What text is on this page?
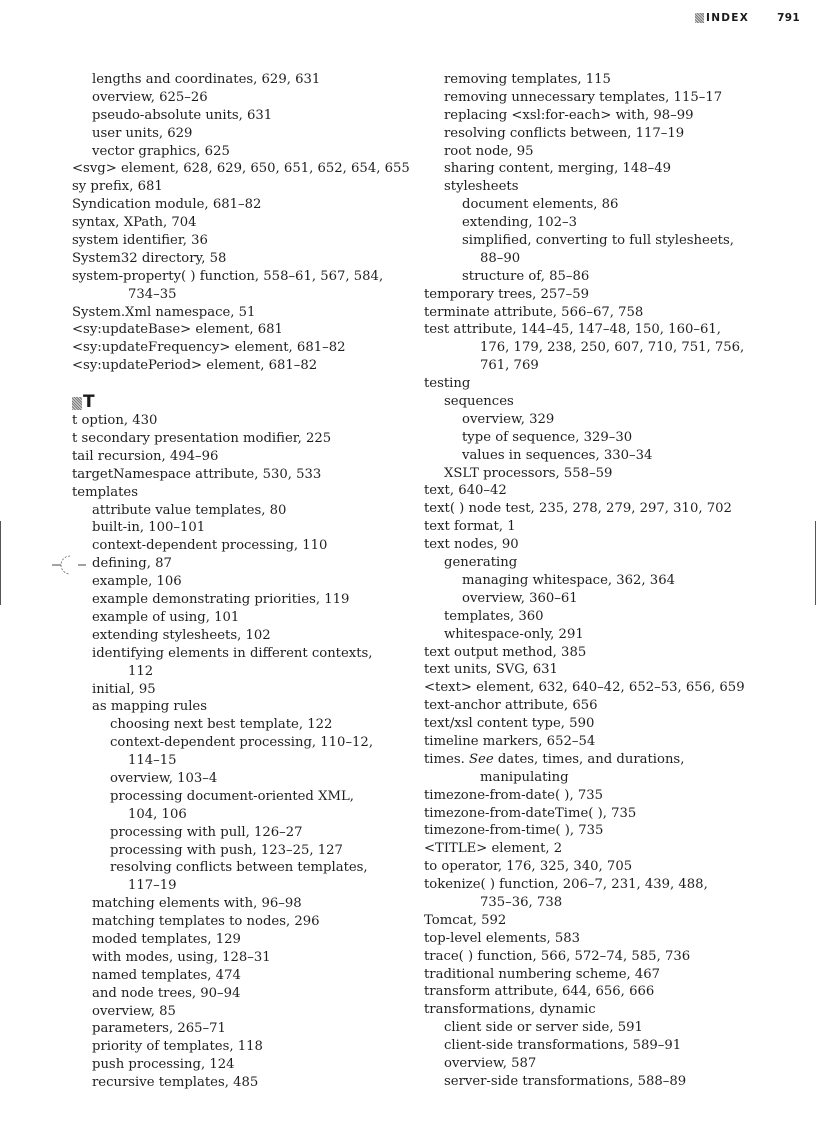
INDEX	791
lengths and coordinates, 629, 631
overview, 625–26
pseudo-absolute units, 631
user units, 629
vector graphics, 625
<svg> element, 628, 629, 650, 651, 652, 654, 655
sy prefix, 681
Syndication module, 681–82
syntax, XPath, 704
system identifier, 36
System32 directory, 58
system-property( ) function, 558–61, 567, 584,
734–35
System.Xml namespace, 51
<sy:updateBase> element, 681
<sy:updateFrequency> element, 681–82
<sy:updatePeriod> element, 681–82
T
t option, 430
t secondary presentation modifier, 225
tail recursion, 494–96
targetNamespace attribute, 530, 533
templates
attribute value templates, 80
built-in, 100–101
context-dependent processing, 110
defining, 87
example, 106
example demonstrating priorities, 119
example of using, 101
extending stylesheets, 102
identifying elements in different contexts,
112
initial, 95
as mapping rules
choosing next best template, 122
context-dependent processing, 110–12,
114–15
overview, 103–4
processing document-oriented XML,
104, 106
processing with pull, 126–27
processing with push, 123–25, 127
resolving conflicts between templates,
117–19
matching elements with, 96–98
matching templates to nodes, 296
moded templates, 129
with modes, using, 128–31
named templates, 474
and node trees, 90–94
overview, 85
parameters, 265–71
priority of templates, 118
push processing, 124
recursive templates, 485
removing templates, 115
removing unnecessary templates, 115–17
replacing <xsl:for-each> with, 98–99
resolving conflicts between, 117–19
root node, 95
sharing content, merging, 148–49
stylesheets
document elements, 86
extending, 102–3
simplified, converting to full stylesheets,
88–90
structure of, 85–86
temporary trees, 257–59
terminate attribute, 566–67, 758
test attribute, 144–45, 147–48, 150, 160–61,
176, 179, 238, 250, 607, 710, 751, 756,
761, 769
testing
sequences
overview, 329
type of sequence, 329–30
values in sequences, 330–34
XSLT processors, 558–59
text, 640–42
text( ) node test, 235, 278, 279, 297, 310, 702
text format, 1
text nodes, 90
generating
managing whitespace, 362, 364
overview, 360–61
templates, 360
whitespace-only, 291
text output method, 385
text units, SVG, 631
<text> element, 632, 640–42, 652–53, 656, 659
text-anchor attribute, 656
text/xsl content type, 590
timeline markers, 652–54
times. See dates, times, and durations,
manipulating
timezone-from-date( ), 735
timezone-from-dateTime( ), 735
timezone-from-time( ), 735
<TITLE> element, 2
to operator, 176, 325, 340, 705
tokenize( ) function, 206–7, 231, 439, 488,
735–36, 738
Tomcat, 592
top-level elements, 583
trace( ) function, 566, 572–74, 585, 736
traditional numbering scheme, 467
transform attribute, 644, 656, 666
transformations, dynamic
client side or server side, 591
client-side transformations, 589–91
overview, 587
server-side transformations, 588–89
